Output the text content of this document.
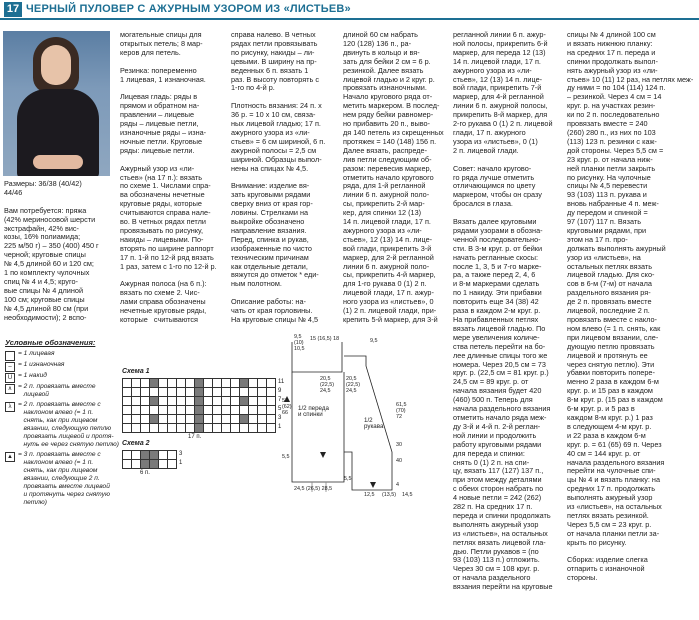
17 ЧЕРНЫЙ ПУЛОВЕР С АЖУРНЫМ УЗОРОМ ИЗ «ЛИСТЬЕВ»
Размеры: 36/38 (40/42)
44/46

Вам потребуется: пряжа
(42% мериносовой шерсти
экстрафайн, 42% вис-
козы, 16% полиамида;
225 м/50 г) – 350 (400) 450 г
черной; круговые спицы
№ 4,5 длиной 60 и 120 см;
1 по комплекту чулочных
спиц № 4 и 4,5; круго-
вые спицы № 4 длиной
100 см; круговые спицы
№ 4,5 длиной 80 см (при
необходимости); 2 вспо-
могательные спицы для
открытых петель; 8 мар-
керов для петель.

Резинка: попеременно
1 лицевая, 1 изнаночная.

Лицевая гладь: ряды в
прямом и обратном на-
правлении – лицевые
ряды – лицевые петли,
изнаночные ряды – изна-
ночные петли. Круговые
ряды: лицевые петли.

Ажурный узор из «ли-
стьев» (на 17 п.): вязать
по схеме 1. Числами спра-
ва обозначены нечетные
круговые ряды, которые
считываются справа нале-
во. В четных рядах петли
провязывать по рисунку,
накиды – лицевыми. По-
вторять по ширине раппорт
17 п. 1-й по 12-й ряд вязать
1 раз, затем с 1-го по 12-й р.

Ажурная полоса (на 6 п.):
вязать по схеме 2. Чис-
лами справа обозначены
нечетные круговые ряды,
которые   считываются
справа налево. В четных
рядах петли провязывать
по рисунку, накиды – ли-
цевыми. В ширину на пр-
веденных 6 п. вязать 1
раз. В высоту повторять с
1-го по 4-й р.

Плотность вязания: 24 п. х
36 р. = 10 х 10 см, связа-
ных лицевой гладью; 17 п.
ажурного узора из «ли-
стьев» = 6 см шириной, 6 п.
ажурной полосы = 2,5 см
шириной. Образцы выпол-
нены на спицах № 4,5.

Внимание: изделие вя-
зать круговыми рядами
сверху вниз от края гор-
ловины. Стрелками на
выкройке обозначено
направление вязания.
Перед, спинка и рукав,
изображенные по чисто
техническим причинам
как отдельные детали,
вяжутся до отметок * еди-
ным полотном.

Описание работы: на-
чать от края горловины.
На круговые спицы № 4,5
длиной 60 см набрать
120 (128) 136 п., ра-
двинуть в кольцо и вя-
зать для бейки 2 см = 6 р.
резинкой. Далее вязать
лицевой гладью и 2 круг. р.
провязать изнаночными.
Начало кругового ряда от-
метить маркером. В послед-
нем ряду бейки равномер-
но прибавить 20 п., выво-
дя 140 петель из скрещенных
протяжек = 140 (148) 156 п.
Далее вязать, распреде-
лив петли следующим об-
разом: перевесив маркер,
отметить начало кругового
ряда, для 1-й регланной
линии 6 п. ажурной поло-
сы, прикрепить 2-й мар-
кер, для спинки 12 (13)
14 п. лицевой глади, 17 п.
ажурного узора из «ли-
стьев», 12 (13) 14 п. лице-
вой глади, прикрепить 3-й
маркер, для 2-й регланной
линии 6 п. ажурной поло-
сы, прикрепить 4-й маркер,
для 1-го рукава 0 (1) 2 п.
лицевой глади, 17 п. ажур-
ного узора из «листьев», 0
(1) 2 п. лицевой глади, при-
крепить 5-й маркер, для 3-й
регланной линии 6 п. ажур-
ной полосы, прикрепить 6-й
маркер, для переда 12 (13)
14 п. лицевой глади, 17 п.
ажурного узора из «ли-
стьев», 12 (13) 14 п. лице-
вой глади, прикрепить 7-й
маркер, для 4-й регланной
линии 6 п. ажурной полосы,
прикрепить 8-й маркер, для
2-го рукава 0 (1) 2 п. лицевой
глади, 17 п. ажурного
узора из «листьев», 0 (1)
2 п. лицевой глади.

Совет: начало кругово-
го ряда лучше отметить
отличающимся по цвету
маркером, чтобы он сразу
бросался в глаза.

Вязать далее круговыми
рядами узорами в обозна-
ченной последовательно-
сти. В 3-м круг. р. от бейки
начать регланные скосы:
после 1, 3, 5 и 7-го марке-
ра, а также перед 2, 4, 6
и 8-м маркерами сделать
по 1 накиду. Эти прибавки
повторить еще 34 (38) 42
раза в каждом 2-м круг. р.
На прибавленных петлях
вязать лицевой гладью. По
мере увеличения количе-
ства петель перейти на бо-
лее длинные спицы того же
номера. Через 20,5 см = 73
круг. р. (22,5 см = 81 круг. р.)
24,5 см = 89 круг. р. от
начала вязания будет 420
(460) 500 п. Теперь для
начала раздельного вязания
отметить начало ряда меж-
ду 3-й и 4-й п. 2-й реглан-
ной линии и продолжить
работу круговыми рядами
для переда и спинки:
снять 0 (1) 2 п. на спи-
цу, вязать 117 (127) 137 п.,
при этом между деталями
с обеих сторон набрать по
4 новые петли = 242 (262)
282 п. На средних 17 п.
переда и спинки продолжать
выполнять ажурный узор
из «листьев», на остальных
петлях вязать лицевой гла-
дью. Петли рукавов = (по
93 (103) 113 п.) отложить.
Через 30 см = 108 круг. р.
от начала раздельного
вязания перейти на круговые
спицы № 4 длиной 100 см
и вязать нижнюю планку:
на средних 17 п. переда и
спинки продолжать выпол-
нять ажурный узор из «ли-
стьев» 10 (11) 12 раз, на петлях меж-
ду ними = по 104 (114) 124 п.
– резинкой. Через 4 см = 14
круг. р. на участках резин-
ки по 2 п. последовательно
провязать вместе = 240
(260) 280 п., из них по 103
(113) 123 п. резинки с каж-
дой стороны. Через 5,5 см =
23 круг. р. от начала ниж-
ней планки петли закрыть
по рисунку. На чулочные
спицы № 4,5 перевести
93 (103) 113 п. рукава и
вновь набранные 4 п. меж-
ду передом и спинкой =
97 (107) 117 п. Вязать
круговыми рядами, при
этом на 17 п. про-
должать выполнять ажурный
узор из «листьев», на
остальных петлях вязать
лицевой гладью. Для ско-
сов в 6-м (7-м) от начала
раздельного вязания ря-
де 2 п. провязать вместе
лицевой, последние 2 п.
провязать вместе с накло-
ном влево (= 1 п. снять, как
при лицевом вязании, сле-
дующую петлю провязать
лицевой и протянуть ее
через снятую петлю). Эти
убавки повторить попере-
менно 2 раза в каждом 6-м
круг. р. и 15 раз в каждом
8-м круг. р. (15 раз в каждом
6-м круг. р. и 5 раз в
каждом 8-м круг. р.) 1 раз
в следующем 4-м круг. р.
и 22 раза в каждом 6-м
круг. р. = 61 (65) 69 п. Через
40 см = 144 круг. р. от
начала раздельного вязания
перейти на чулочные спи-
цы № 4 и вязать планку: на
средних 17 п. продолжать
выполнять ажурный узор
из «листьев», на остальных
петлях вязать резинкой.
Через 5,5 см = 23 круг. р.
от начала планки петли за-
крыть по рисунку.

Сборка: изделие слегка
отпарить с изнаночной
стороны.
Условные обозначения:
= 1 лицевая
– = 1 изнаночная
U = 1 накид
∧ = 2 п. провязать вместе
лицевой
λ = 2 п. провязать вместе с
наклоном влево (= 1 п.
снять, как при лицевом
вязании, следующую петлю
провязать лицевой и протя-
нуть ее через снятую петлю)
▲ = 3 п. провязать вместе с
наклоном влево (= 1 п.
снять, как при лицевом
вязании, следующие 2 п.
провязать вместе лицевой
и протянуть через снятую
петлю)
Схема 1
11
9
7
5
3
1
17 п.
Схема 2
3
1
6 п.
9,5
(10)
10,5
15 (16,5) 18	9,5
20,5
(22,5)
24,5
20,5
(22,5)
24,5
58
(62)
66
5,5
1/2 переда
и спинки
1/2
рукава
61,5
(70)
72
24,5 (26,5) 28,5
30
5,5
12,5 (13,5) 14,5
4
40
